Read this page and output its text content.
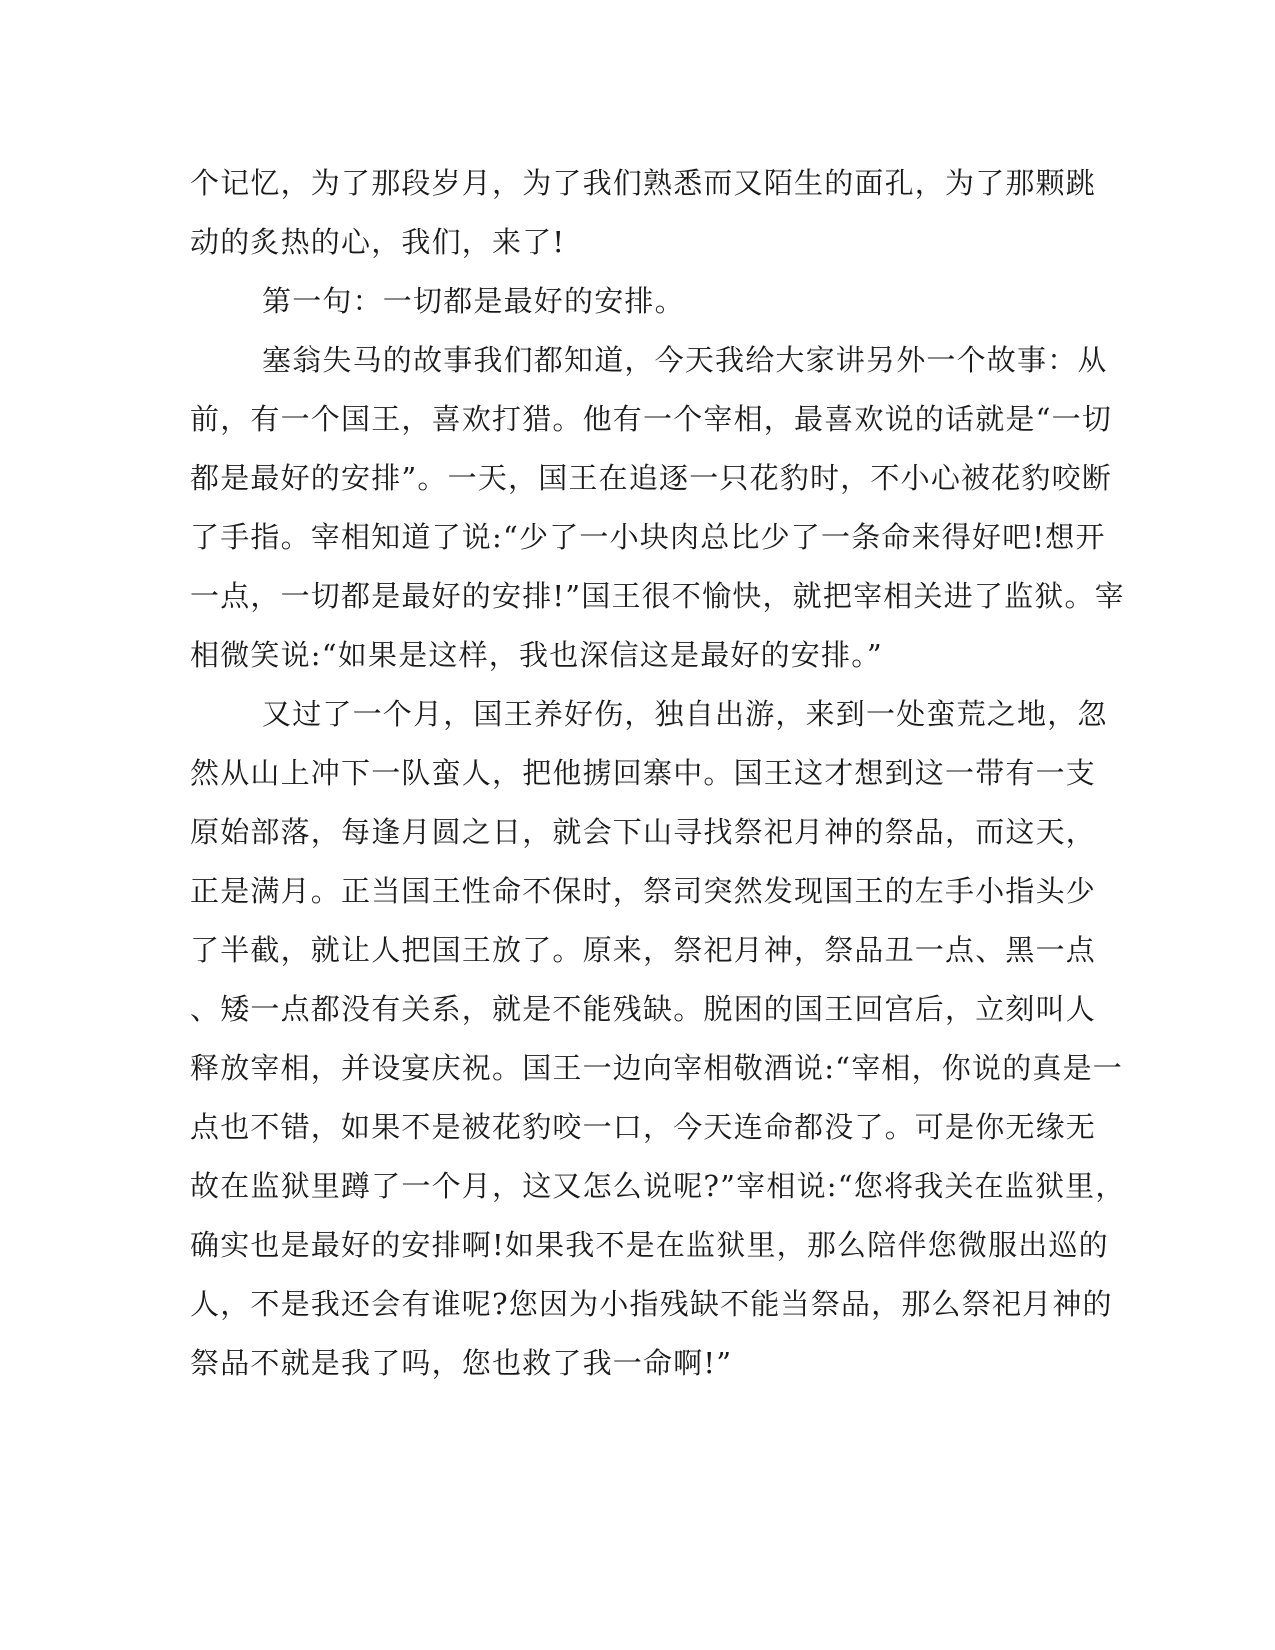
个记忆，为了那段岁月，为了我们熟悉而又陌生的面孔，为了那颗跳
动的炙热的心，我们，来了!
第一句：一切都是最好的安排。
塞翁失马的故事我们都知道，今天我给大家讲另外一个故事：从
前，有一个国王，喜欢打猎。他有一个宰相，最喜欢说的话就是“一切
都是最好的安排”。一天，国王在追逐一只花豹时，不小心被花豹咬断
了手指。宰相知道了说:“少了一小块肉总比少了一条命来得好吧!想开
一点，一切都是最好的安排!”国王很不愉快，就把宰相关进了监狱。宰
相微笑说:“如果是这样，我也深信这是最好的安排。”
又过了一个月，国王养好伤，独自出游，来到一处蛮荒之地，忽
然从山上冲下一队蛮人，把他掳回寨中。国王这才想到这一带有一支
原始部落，每逢月圆之日，就会下山寻找祭祀月神的祭品，而这天，
正是满月。正当国王性命不保时，祭司突然发现国王的左手小指头少
了半截，就让人把国王放了。原来，祭祀月神，祭品丑一点、黑一点
、矮一点都没有关系，就是不能残缺。脱困的国王回宫后，立刻叫人
释放宰相，并设宴庆祝。国王一边向宰相敬酒说:“宰相，你说的真是一
点也不错，如果不是被花豹咬一口，今天连命都没了。可是你无缘无
故在监狱里蹲了一个月，这又怎么说呢?”宰相说:“您将我关在监狱里，
确实也是最好的安排啊!如果我不是在监狱里，那么陪伴您微服出巡的
人，不是我还会有谁呢?您因为小指残缺不能当祭品，那么祭祀月神的
祭品不就是我了吗，您也救了我一命啊!”
